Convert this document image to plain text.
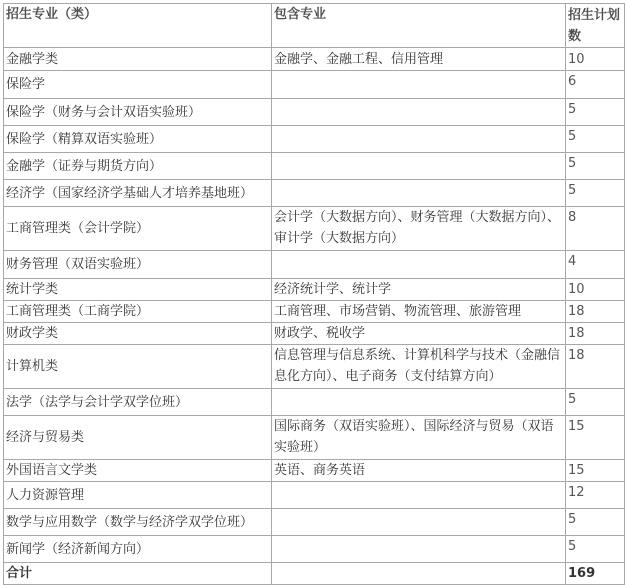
招生专业（类）	包含专业	招生计划数
金融学类	金融学、金融工程、信用管理	10
保险学		6
保险学（财务与会计双语实验班）		5
保险学（精算双语实验班）		5
金融学（证券与期货方向）		5
经济学（国家经济学基础人才培养基地班）		5
工商管理类（会计学院）	会计学（大数据方向）、财务管理（大数据方向）、审计学（大数据方向）	8
财务管理（双语实验班）		4
统计学类	经济统计学、统计学	10
工商管理类（工商学院）	工商管理、市场营销、物流管理、旅游管理	18
财政学类	财政学、税收学	18
计算机类	信息管理与信息系统、计算机科学与技术（金融信息化方向）、电子商务（支付结算方向）	18
法学（法学与会计学双学位班）		5
经济与贸易类	国际商务（双语实验班）、国际经济与贸易（双语实验班）	15
外国语言文学类	英语、商务英语	15
人力资源管理		12
数学与应用数学（数学与经济学双学位班）		5
新闻学（经济新闻方向）		5
合计		169
